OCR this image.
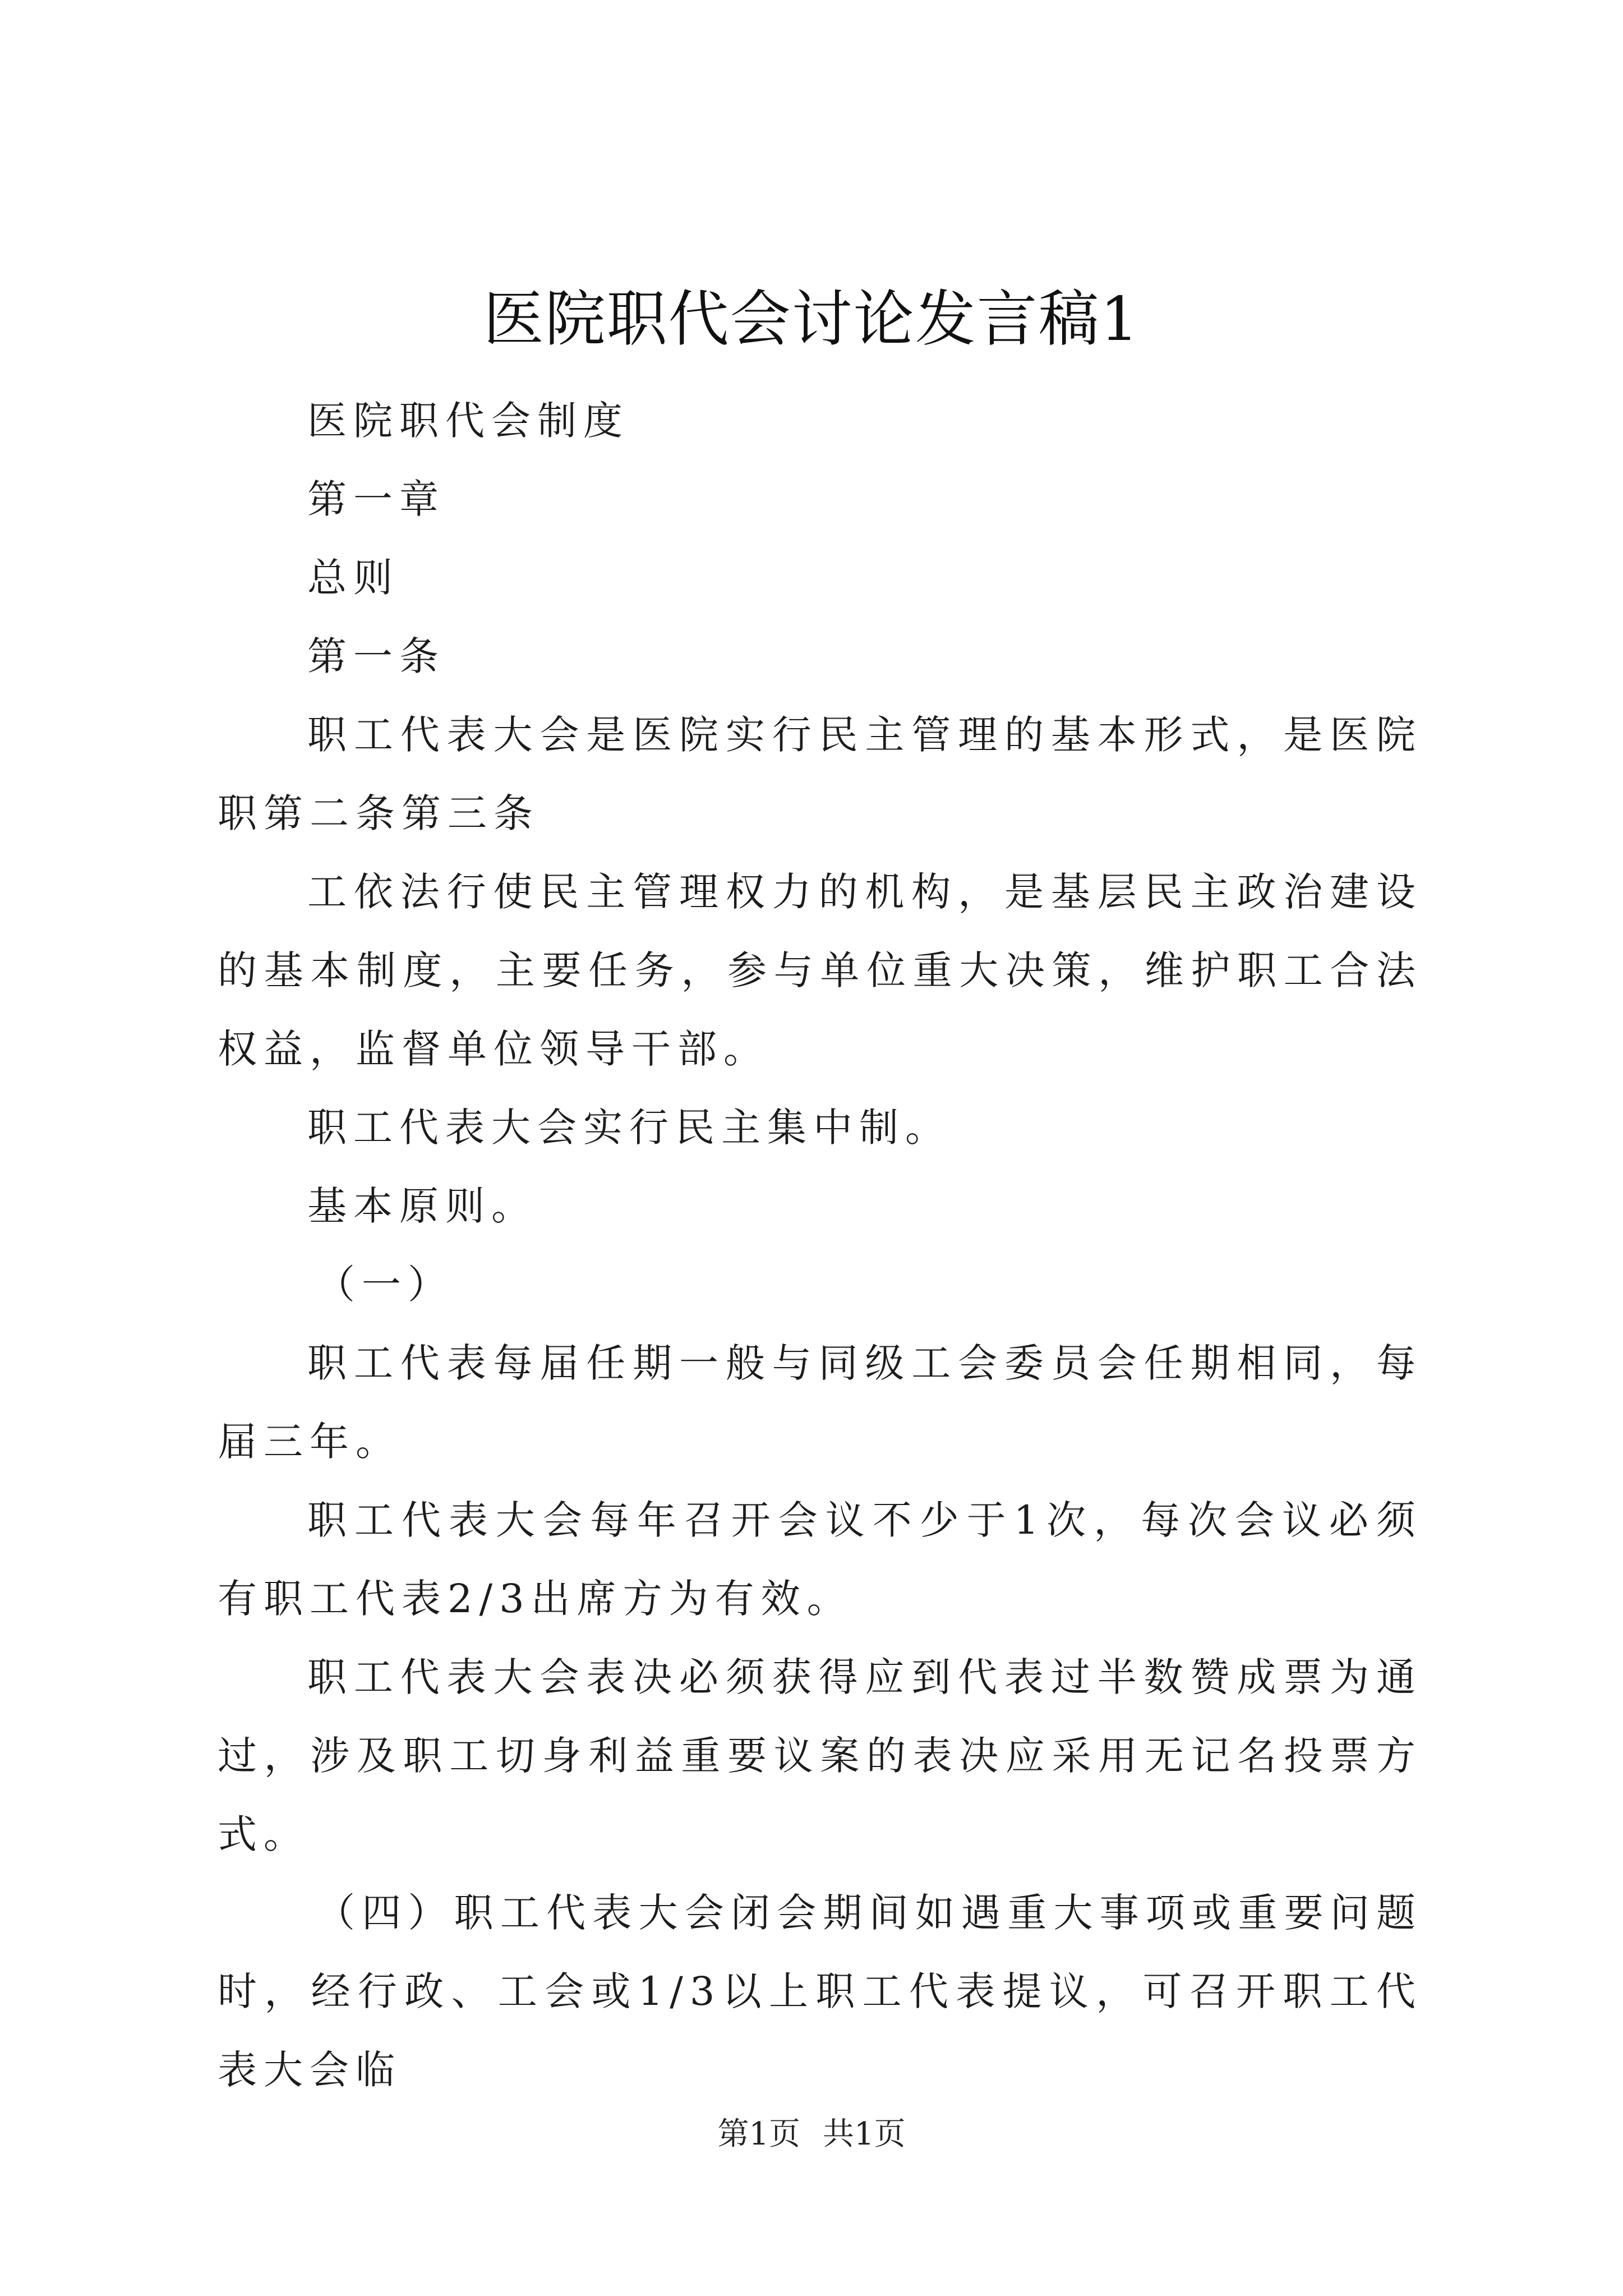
医院职代会讨论发言稿1

医院职代会制度

第一章

总则

第一条

职工代表大会是医院实行民主管理的基本形式，是医院职第二条第三条

工依法行使民主管理权力的机构，是基层民主政治建设的基本制度，主要任务，参与单位重大决策，维护职工合法权益，监督单位领导干部。

职工代表大会实行民主集中制。

基本原则。

（一）

职工代表每届任期一般与同级工会委员会任期相同，每届三年。

职工代表大会每年召开会议不少于1次，每次会议必须有职工代表2/3出席方为有效。

职工代表大会表决必须获得应到代表过半数赞成票为通过，涉及职工切身利益重要议案的表决应采用无记名投票方式。

（四）职工代表大会闭会期间如遇重大事项或重要问题时，经行政、工会或1/3以上职工代表提议，可召开职工代表大会临

第1页 共1页
